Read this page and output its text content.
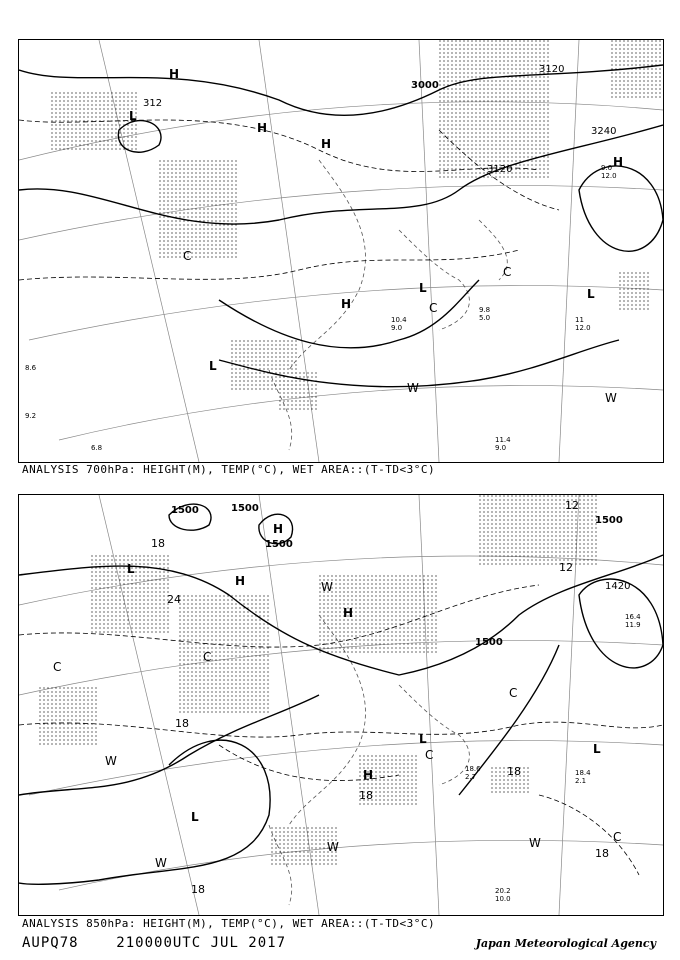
3000
3120
3240
3120
312
H
L
H
H
C
L
H
L
C
C
L
W
W
H
11.4
9.0
11
12.0
9.8
5.0
9.0
12.0
10.4
9.0
8.6
9.2
6.8
ANALYSIS 700hPa: HEIGHT(M), TEMP(°C), WET AREA::(T-TD<3°C)
1500	1500
1500
1500
1500
1420
12
12
24
18
18
18
18
18
18
L
H
H
W
H
C
C
L
L
C
H
L
W
W
W
C
C
W
20.2
10.0
18.6
2.7	18.4
2.1
16.4
11.9
ANALYSIS 850hPa: HEIGHT(M), TEMP(°C), WET AREA::(T-TD<3°C)
AUPQ78	210000UTC JUL 2017	Japan Meteorological Agency
